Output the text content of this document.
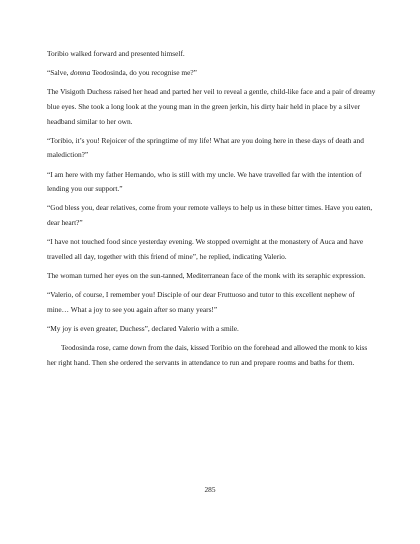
Toribio walked forward and presented himself.

“Salve, domna Teodosinda, do you recognise me?”

The Visigoth Duchess raised her head and parted her veil to reveal a gentle, child-like face and a pair of dreamy blue eyes. She took a long look at the young man in the green jerkin, his dirty hair held in place by a silver headband similar to her own.

“Toribio, it’s you! Rejoicer of the springtime of my life! What are you doing here in these days of death and malediction?”

“I am here with my father Hernando, who is still with my uncle. We have travelled far with the intention of lending you our support.”

“God bless you, dear relatives, come from your remote valleys to help us in these bitter times. Have you eaten, dear heart?”

“I have not touched food since yesterday evening. We stopped overnight at the monastery of Auca and have travelled all day, together with this friend of mine”, he replied, indicating Valerio.

The woman turned her eyes on the sun-tanned, Mediterranean face of the monk with its seraphic expression.

“Valerio, of course, I remember you! Disciple of our dear Fruttuoso and tutor to this excellent nephew of mine… What a joy to see you again after so many years!”

“My joy is even greater, Duchess”, declared Valerio with a smile.

Teodosinda rose, came down from the dais, kissed Toribio on the forehead and allowed the monk to kiss her right hand. Then she ordered the servants in attendance to run and prepare rooms and baths for them.

285
